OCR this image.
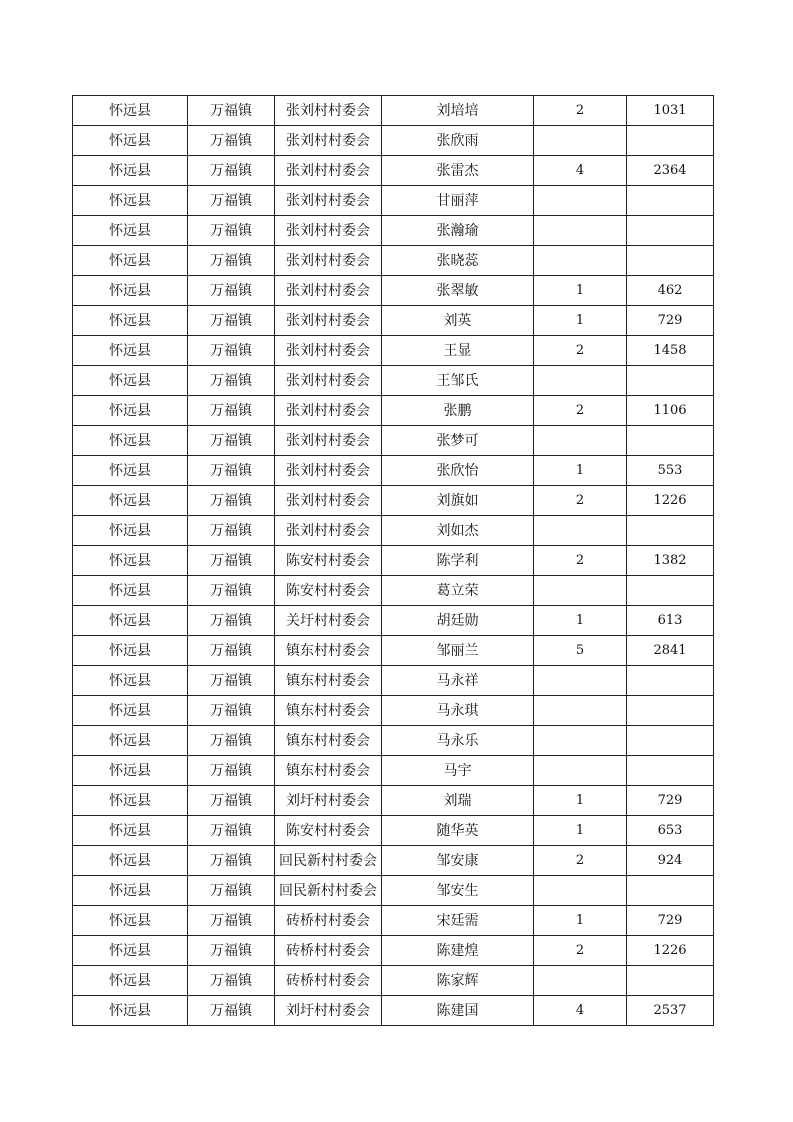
怀远县	万福镇	张刘村村委会	刘培培	2	1031
怀远县	万福镇	张刘村村委会	张欣雨		
怀远县	万福镇	张刘村村委会	张雷杰	4	2364
怀远县	万福镇	张刘村村委会	甘丽萍		
怀远县	万福镇	张刘村村委会	张瀚瑜		
怀远县	万福镇	张刘村村委会	张晓蕊		
怀远县	万福镇	张刘村村委会	张翠敏	1	462
怀远县	万福镇	张刘村村委会	刘英	1	729
怀远县	万福镇	张刘村村委会	王显	2	1458
怀远县	万福镇	张刘村村委会	王邹氏		
怀远县	万福镇	张刘村村委会	张鹏	2	1106
怀远县	万福镇	张刘村村委会	张梦可		
怀远县	万福镇	张刘村村委会	张欣怡	1	553
怀远县	万福镇	张刘村村委会	刘旗如	2	1226
怀远县	万福镇	张刘村村委会	刘如杰		
怀远县	万福镇	陈安村村委会	陈学利	2	1382
怀远县	万福镇	陈安村村委会	葛立荣		
怀远县	万福镇	关圩村村委会	胡廷勋	1	613
怀远县	万福镇	镇东村村委会	邹丽兰	5	2841
怀远县	万福镇	镇东村村委会	马永祥		
怀远县	万福镇	镇东村村委会	马永琪		
怀远县	万福镇	镇东村村委会	马永乐		
怀远县	万福镇	镇东村村委会	马宇		
怀远县	万福镇	刘圩村村委会	刘瑞	1	729
怀远县	万福镇	陈安村村委会	随华英	1	653
怀远县	万福镇	回民新村村委会	邹安康	2	924
怀远县	万福镇	回民新村村委会	邹安生		
怀远县	万福镇	砖桥村村委会	宋廷需	1	729
怀远县	万福镇	砖桥村村委会	陈建煌	2	1226
怀远县	万福镇	砖桥村村委会	陈家辉		
怀远县	万福镇	刘圩村村委会	陈建国	4	2537
